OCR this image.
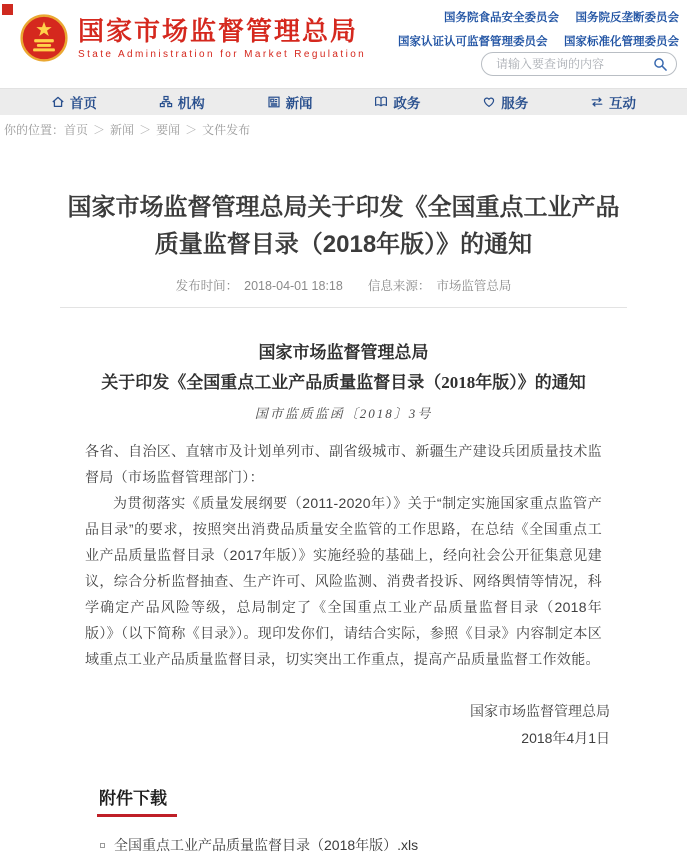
国家市场监督管理总局
State Administration for Market Regulation
国务院食品安全委员会 国务院反垄断委员会
国家认证认可监督管理委员会 国家标准化管理委员会
请输入要查询的内容
首页	机构	新闻	政务	服务	互动
你的位置： 首页 ＞ 新闻 ＞ 要闻 ＞ 文件发布
国家市场监督管理总局关于印发《全国重点工业产品质量监督目录（2018年版）》的通知
发布时间： 2018-04-01 18:18 信息来源： 市场监管总局
国家市场监督管理总局
关于印发《全国重点工业产品质量监督目录（2018年版）》的通知
国市监质监函〔2018〕3号

各省、自治区、直辖市及计划单列市、副省级城市、新疆生产建设兵团质量技术监督局（市场监督管理部门）：

为贯彻落实《质量发展纲要（2011-2020年）》关于“制定实施国家重点监管产品目录”的要求，按照突出消费品质量安全监管的工作思路，在总结《全国重点工业产品质量监督目录（2017年版）》实施经验的基础上，经向社会公开征集意见建议，综合分析监督抽查、生产许可、风险监测、消费者投诉、网络舆情等情况，科学确定产品风险等级，总局制定了《全国重点工业产品质量监督目录（2018年版）》（以下简称《目录》）。现印发你们，请结合实际，参照《目录》内容制定本区域重点工业产品质量监督目录，切实突出工作重点，提高产品质量监督工作效能。

国家市场监督管理总局
2018年4月1日
附件下载
全国重点工业产品质量监督目录（2018年版）.xls
